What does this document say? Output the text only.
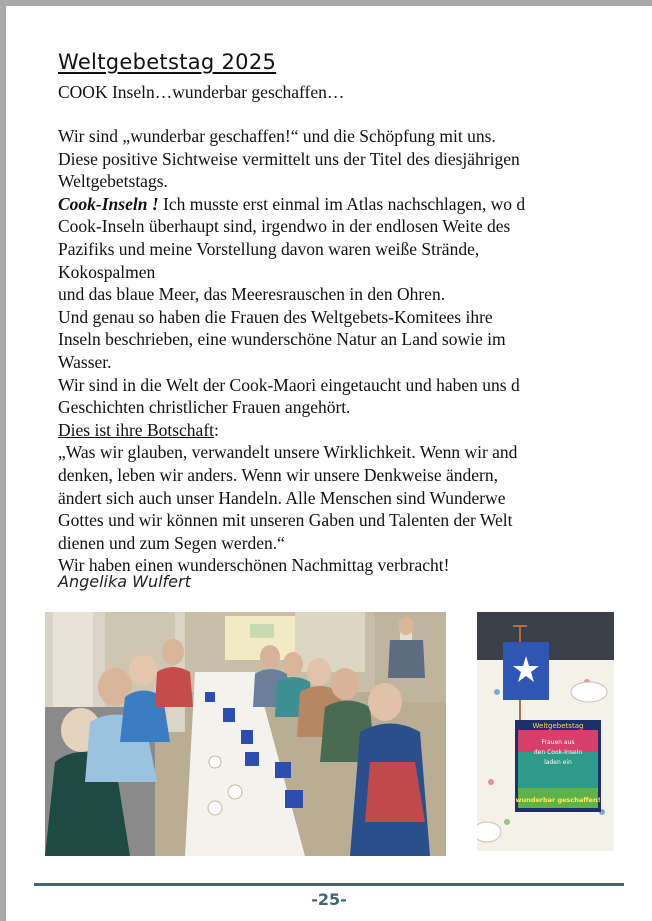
Weltgebetstag 2025
COOK Inseln…wunderbar geschaffen…

Wir sind „wunderbar geschaffen!“ und die Schöpfung mit uns.

Diese positive Sichtweise vermittelt uns der Titel des diesjährigen

Weltgebetstags.

Cook-Inseln ! Ich musste erst einmal im Atlas nachschlagen, wo d

Cook-Inseln überhaupt sind, irgendwo in der endlosen Weite des

Pazifiks und meine Vorstellung davon waren weiße Strände,

Kokospalmen

und das blaue Meer, das Meeresrauschen in den Ohren.

Und genau so haben die Frauen des Weltgebets-Komitees ihre

Inseln beschrieben, eine wunderschöne Natur an Land sowie im

Wasser.

Wir sind in die Welt der Cook-Maori eingetaucht und haben uns d

Geschichten christlicher Frauen angehört.

Dies ist ihre Botschaft:

„Was wir glauben, verwandelt unsere Wirklichkeit. Wenn wir and

denken, leben wir anders. Wenn wir unsere Denkweise ändern,

ändert sich auch unser Handeln. Alle Menschen sind Wunderwe

Gottes und wir können mit unseren Gaben und Talenten der Welt

dienen und zum Segen werden.“

Wir haben einen wunderschönen Nachmittag verbracht!

Angelika Wulfert
Weltgebetstag
Frauen aus
den Cook-Inseln
laden ein
wunderbar geschaffen!
-25-
